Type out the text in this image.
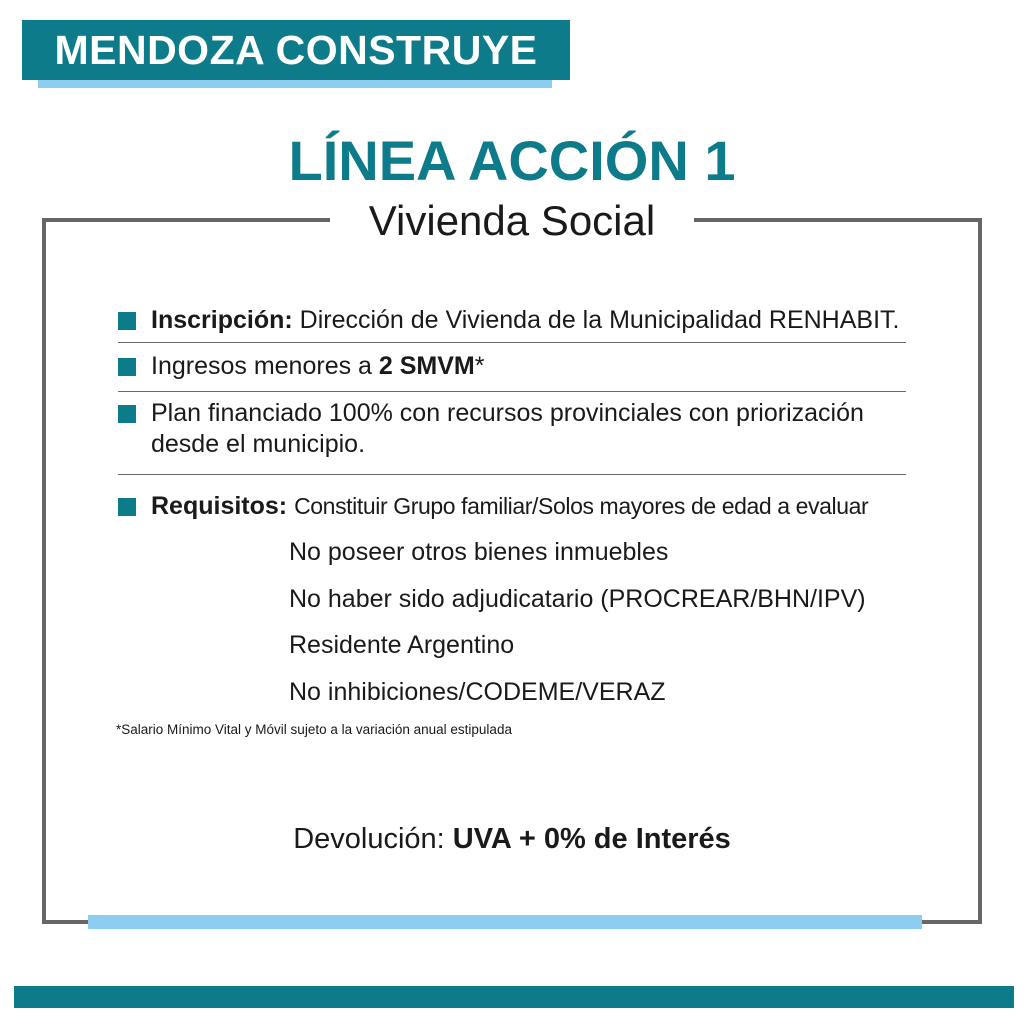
MENDOZA CONSTRUYE
LÍNEA ACCIÓN 1
Vivienda Social
Inscripción: Dirección de Vivienda de la Municipalidad RENHABIT.
Ingresos menores a 2 SMVM*
Plan financiado 100% con recursos provinciales con priorización desde el municipio.
Requisitos: Constituir Grupo familiar/Solos mayores de edad a evaluar
No poseer otros bienes inmuebles
No haber sido adjudicatario (PROCREAR/BHN/IPV)
Residente Argentino
No inhibiciones/CODEME/VERAZ
*Salario Mínimo Vital y Móvil sujeto a la variación anual estipulada
Devolución: UVA + 0% de Interés
